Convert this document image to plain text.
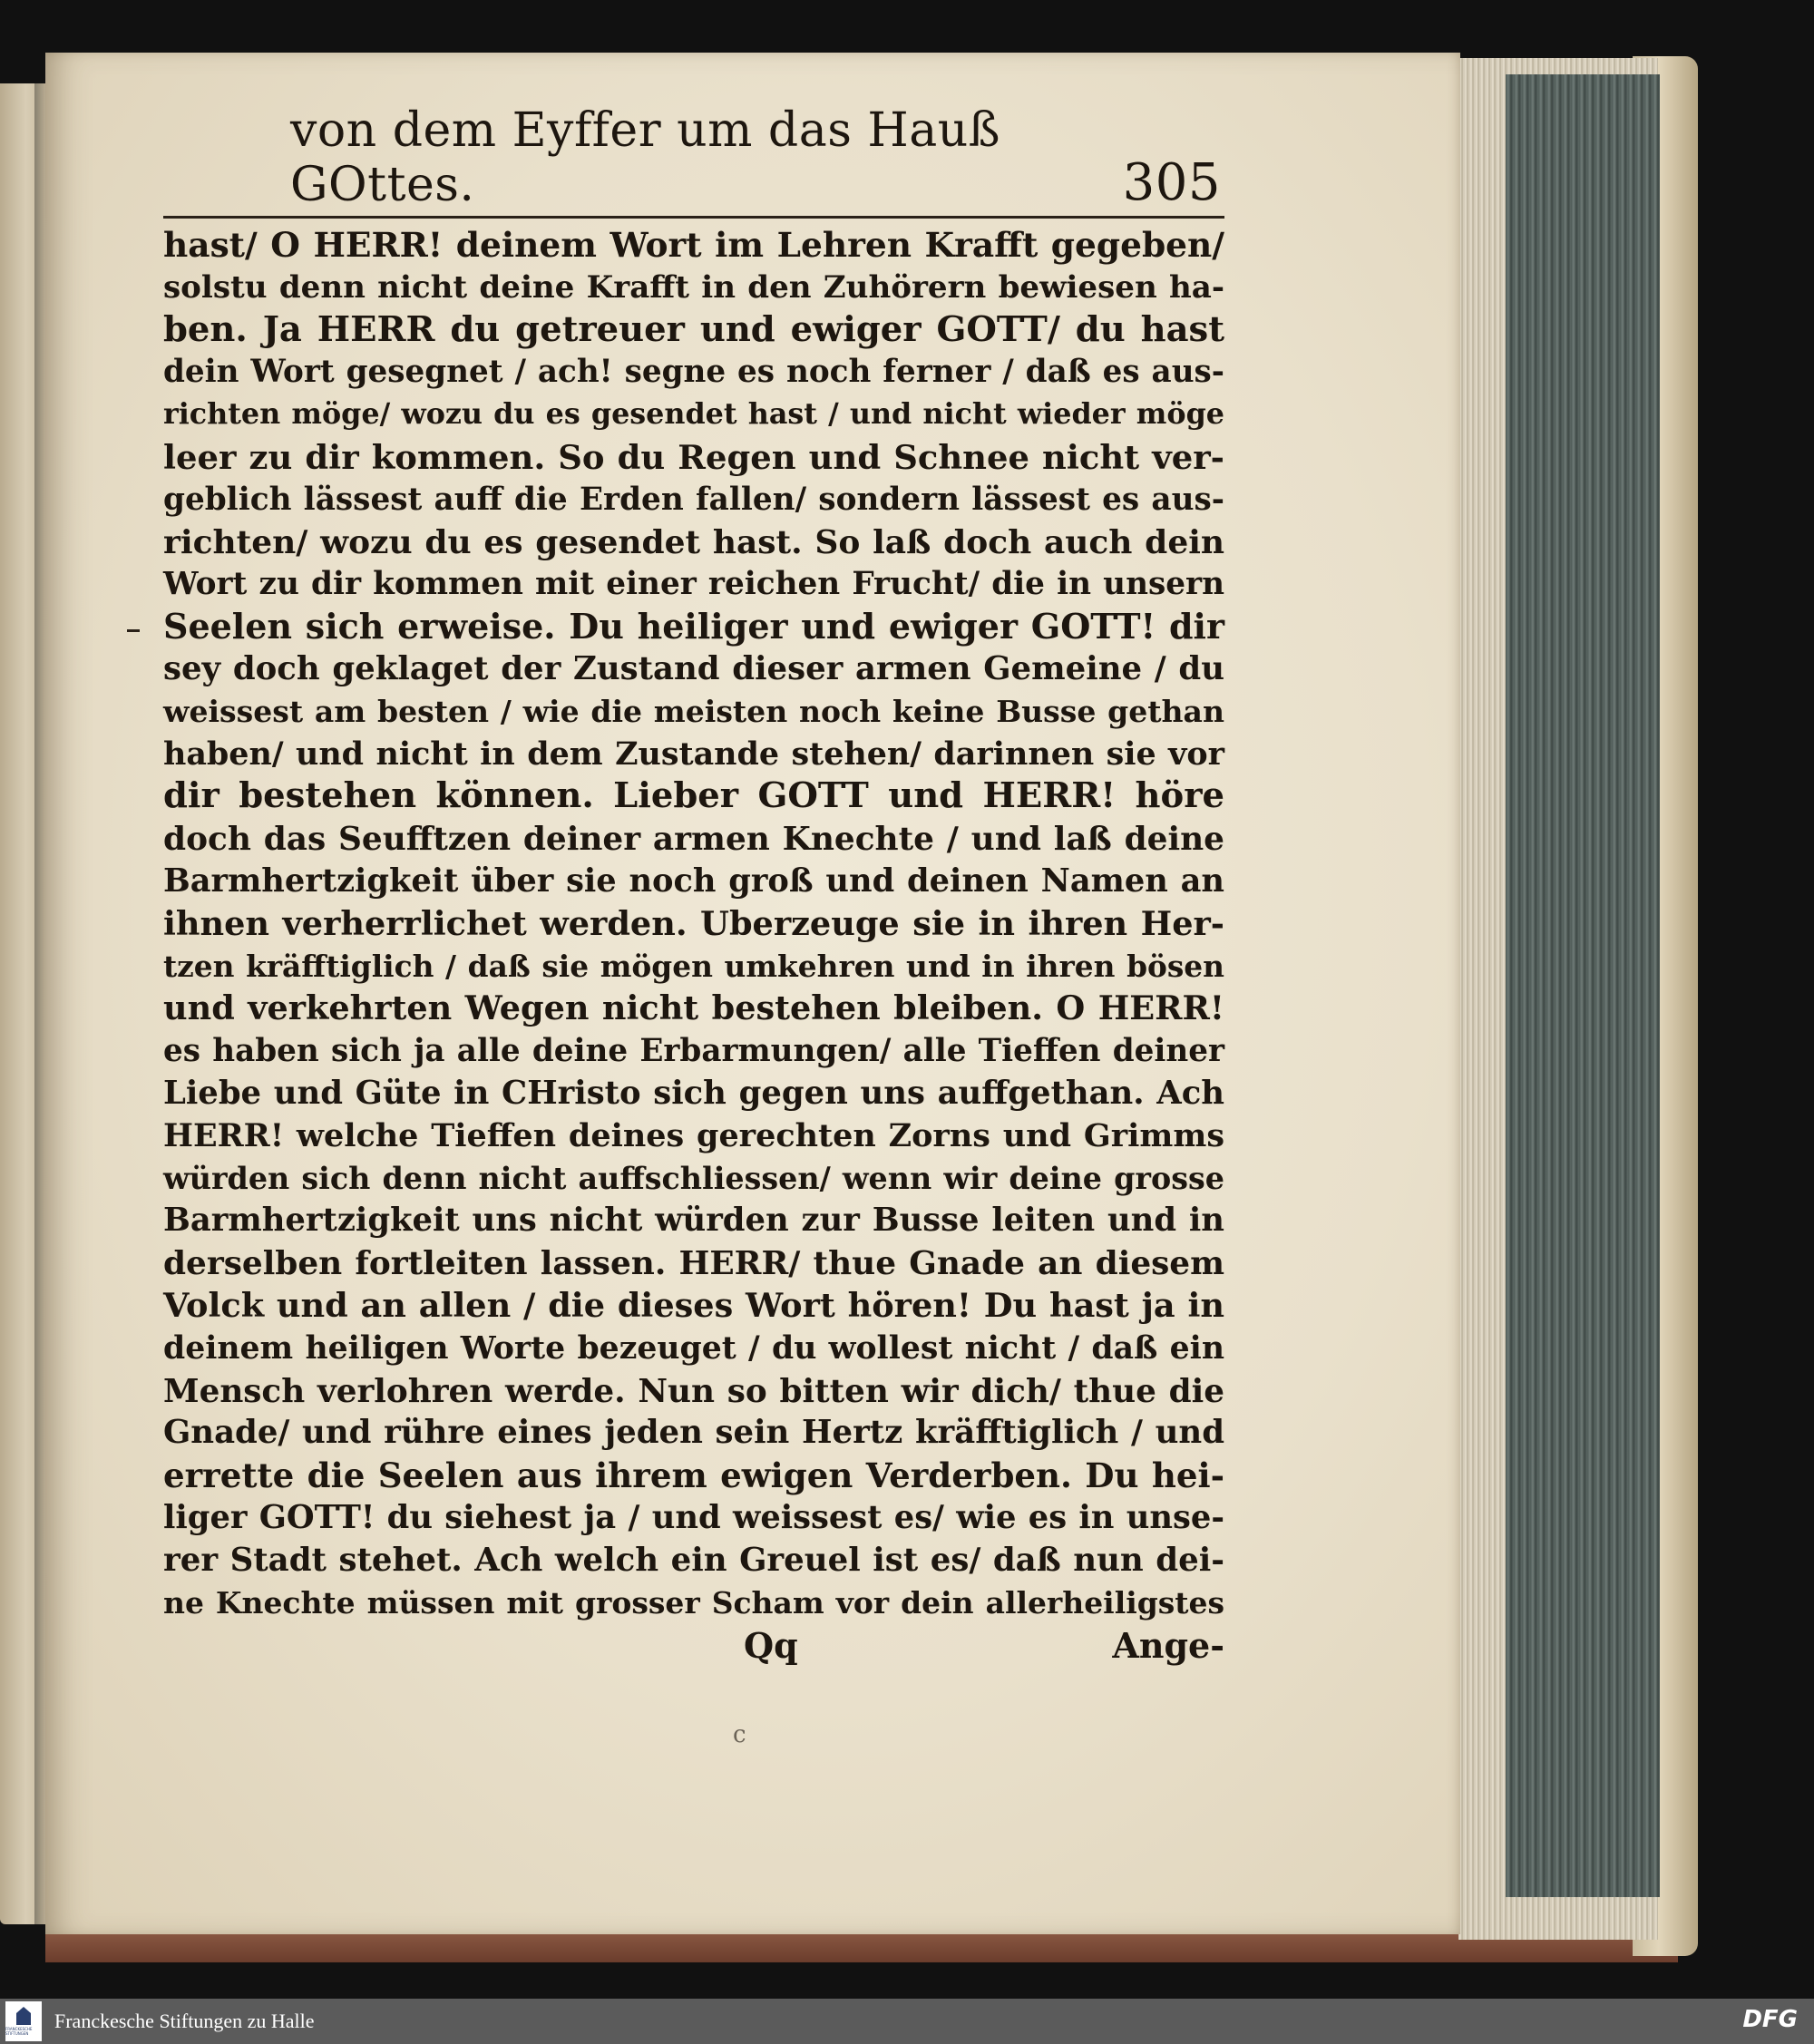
c
von dem Eyffer um das Hauß GOttes.	305
hast/ O HERR! deinem Wort im Lehren Krafft gegeben/
solstu denn nicht deine Krafft in den Zuhörern bewiesen ha-
ben. Ja HERR du getreuer und ewiger GOTT/ du hast
dein Wort gesegnet / ach! segne es noch ferner / daß es aus-
richten möge/ wozu du es gesendet hast / und nicht wieder möge
leer zu dir kommen. So du Regen und Schnee nicht ver-
geblich lässest auff die Erden fallen/ sondern lässest es aus-
richten/ wozu du es gesendet hast. So laß doch auch dein
Wort zu dir kommen mit einer reichen Frucht/ die in unsern
Seelen sich erweise. Du heiliger und ewiger GOTT! dir
sey doch geklaget der Zustand dieser armen Gemeine / du
weissest am besten / wie die meisten noch keine Busse gethan
haben/ und nicht in dem Zustande stehen/ darinnen sie vor
dir bestehen können. Lieber GOTT und HERR! höre
doch das Seufftzen deiner armen Knechte / und laß deine
Barmhertzigkeit über sie noch groß und deinen Namen an
ihnen verherrlichet werden. Uberzeuge sie in ihren Her-
tzen kräfftiglich / daß sie mögen umkehren und in ihren bösen
und verkehrten Wegen nicht bestehen bleiben. O HERR!
es haben sich ja alle deine Erbarmungen/ alle Tieffen deiner
Liebe und Güte in CHristo sich gegen uns auffgethan. Ach
HERR! welche Tieffen deines gerechten Zorns und Grimms
würden sich denn nicht auffschliessen/ wenn wir deine grosse
Barmhertzigkeit uns nicht würden zur Busse leiten und in
derselben fortleiten lassen. HERR/ thue Gnade an diesem
Volck und an allen / die dieses Wort hören! Du hast ja in
deinem heiligen Worte bezeuget / du wollest nicht / daß ein
Mensch verlohren werde. Nun so bitten wir dich/ thue die
Gnade/ und rühre eines jeden sein Hertz kräfftiglich / und
errette die Seelen aus ihrem ewigen Verderben. Du hei-
liger GOTT! du siehest ja / und weissest es/ wie es in unse-
rer Stadt stehet. Ach welch ein Greuel ist es/ daß nun dei-
ne Knechte müssen mit grosser Scham vor dein allerheiligstes
Qq	Ange-
FRANCKESCHE STIFTUNGEN
Franckesche Stiftungen zu Halle	DFG
